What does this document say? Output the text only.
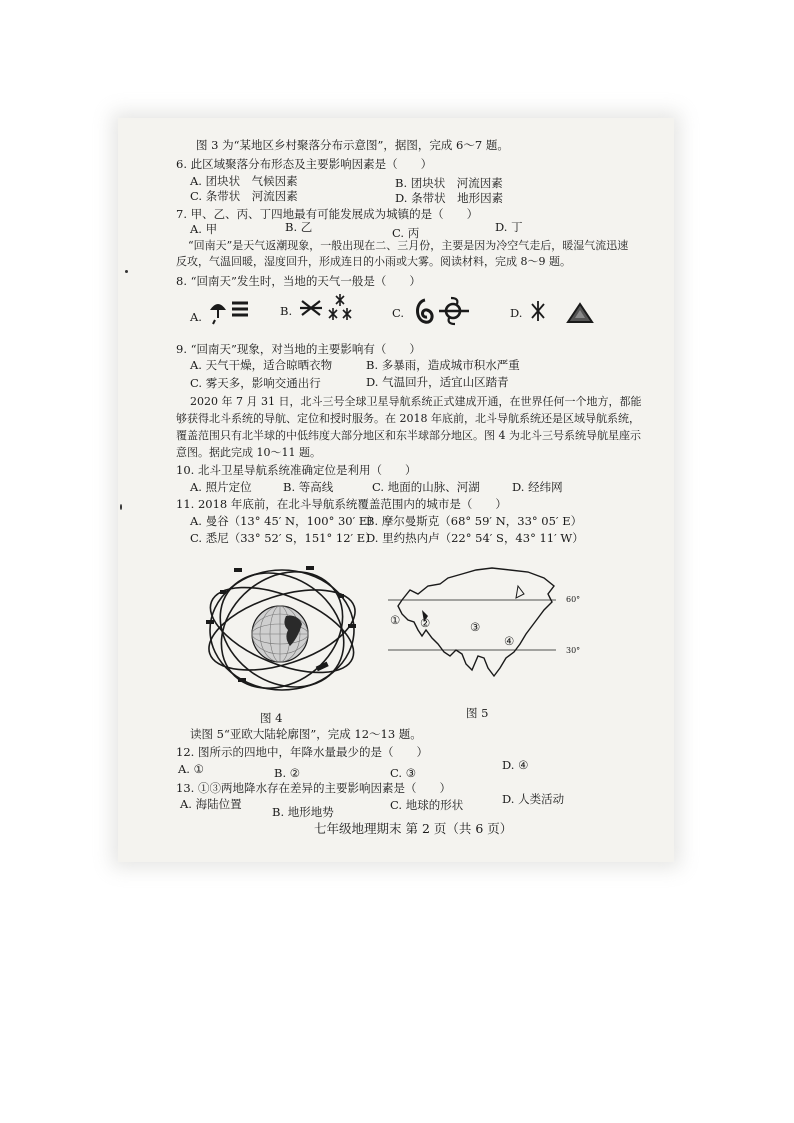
图 3 为“某地区乡村聚落分布示意图”，据图，完成 6～7 题。
6. 此区域聚落分布形态及主要影响因素是（　　）
A. 团块状　气候因素	B. 团块状　河流因素
C. 条带状　河流因素	D. 条带状　地形因素
7. 甲、乙、丙、丁四地最有可能发展成为城镇的是（　　）
A. 甲	B. 乙	C. 丙	D. 丁
“回南天”是天气返潮现象，一般出现在二、三月份，主要是因为冷空气走后，暖湿气流迅速
反攻，气温回暖，湿度回升，形成连日的小雨或大雾。阅读材料，完成 8～9 题。
8. “回南天”发生时，当地的天气一般是（　　）
A.	B.	C.	D.
9. “回南天”现象，对当地的主要影响有（　　）
A. 天气干燥，适合晾晒衣物	B. 多暴雨，造成城市积水严重
C. 雾天多，影响交通出行	D. 气温回升，适宜山区踏青
2020 年 7 月 31 日，北斗三号全球卫星导航系统正式建成开通，在世界任何一个地方，都能
够获得北斗系统的导航、定位和授时服务。在 2018 年底前，北斗导航系统还是区域导航系统，
覆盖范围只有北半球的中低纬度大部分地区和东半球部分地区。图 4 为北斗三号系统导航星座示
意图。据此完成 10～11 题。
10. 北斗卫星导航系统准确定位是利用（　　）
A. 照片定位	B. 等高线	C. 地面的山脉、河湖	D. 经纬网
11. 2018 年底前，在北斗导航系统覆盖范围内的城市是（　　）
A. 曼谷（13° 45′ N，100° 30′ E）
B. 摩尔曼斯克（68° 59′ N，33° 05′ E）
C. 悉尼（33° 52′ S，151° 12′ E）
D. 里约热内卢（22° 54′ S，43° 11′ W）
图 4
60°
30°
① ②	③
④
图 5
读图 5“亚欧大陆轮廓图”，完成 12～13 题。
12. 图所示的四地中，年降水量最少的是（　　）
A. ①	B. ②	C. ③
D. ④
13. ①③两地降水存在差异的主要影响因素是（　　）
A. 海陆位置
B. 地形地势	C. 地球的形状	D. 人类活动
七年级地理期末 第 2 页（共 6 页）
